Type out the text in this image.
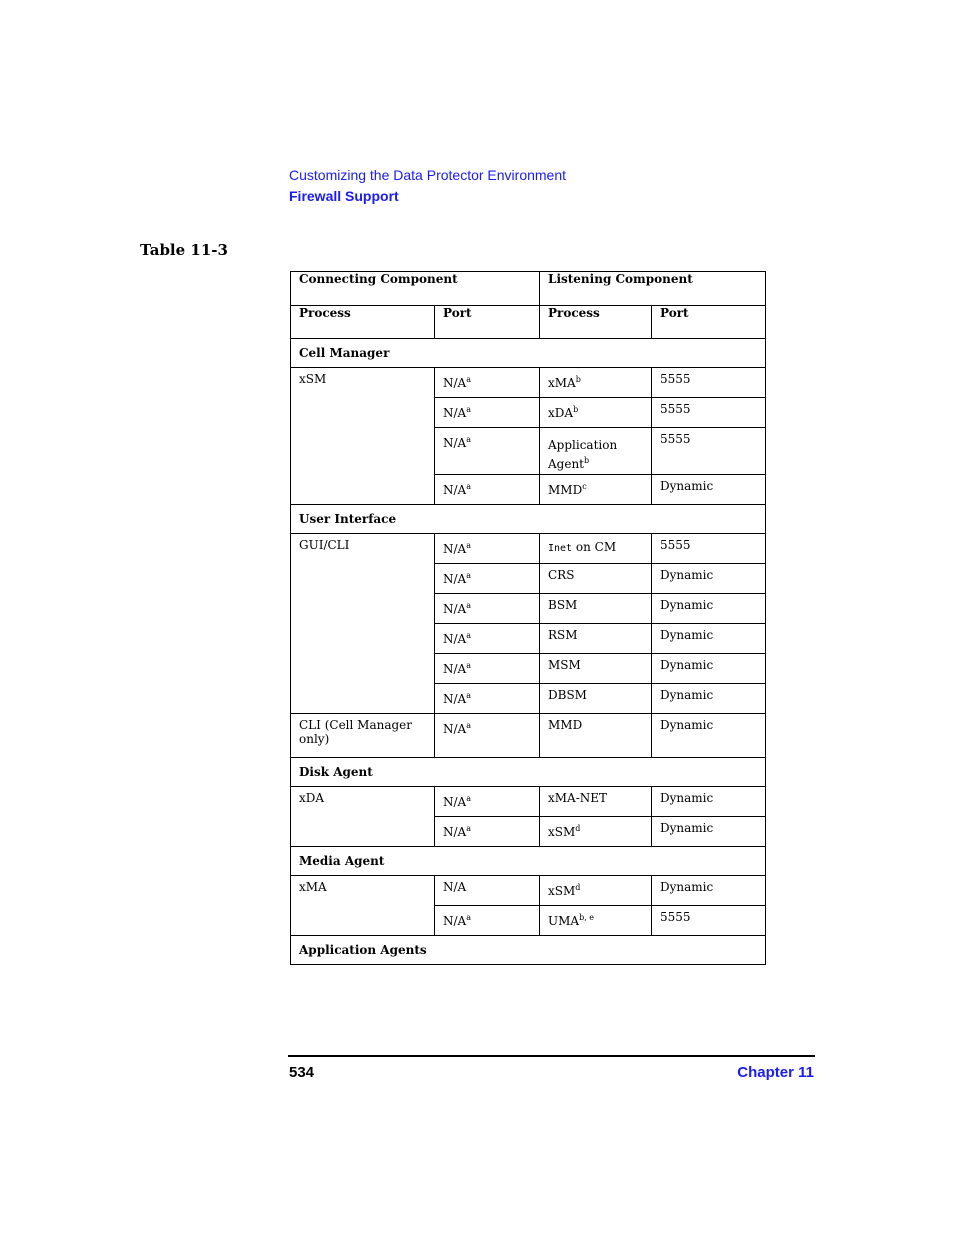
Customizing the Data Protector Environment
Firewall Support
Table 11-3
Connecting Component		Listening Component	
Process	Port	Process	Port
Cell Manager			
xSM	$N/A^a$	xMA$^b$	5555
	$N/A^a$	xDA$^b$	5555
	$N/A^a$	Application Agent$^b$	5555
	$N/A^a$	MMD$^c$	Dynamic
User Interface			
GUI/CLI	$N/A^a$	Inet on CM	5555
	$N/A^a$	CRS	Dynamic
	$N/A^a$	BSM	Dynamic
	$N/A^a$	RSM	Dynamic
	$N/A^a$	MSM	Dynamic
	$N/A^a$	DBSM	Dynamic
CLI (Cell Manager only)	$N/A^a$	MMD	Dynamic
Disk Agent			
xDA	$N/A^a$	xMA-NET	Dynamic
	$N/A^a$	xSM$^d$	Dynamic
Media Agent			
xMA	N/A	xSM$^d$	Dynamic
	$N/A^a$	UMA$^{b, e}$	5555
Application Agents			
534	Chapter 11
